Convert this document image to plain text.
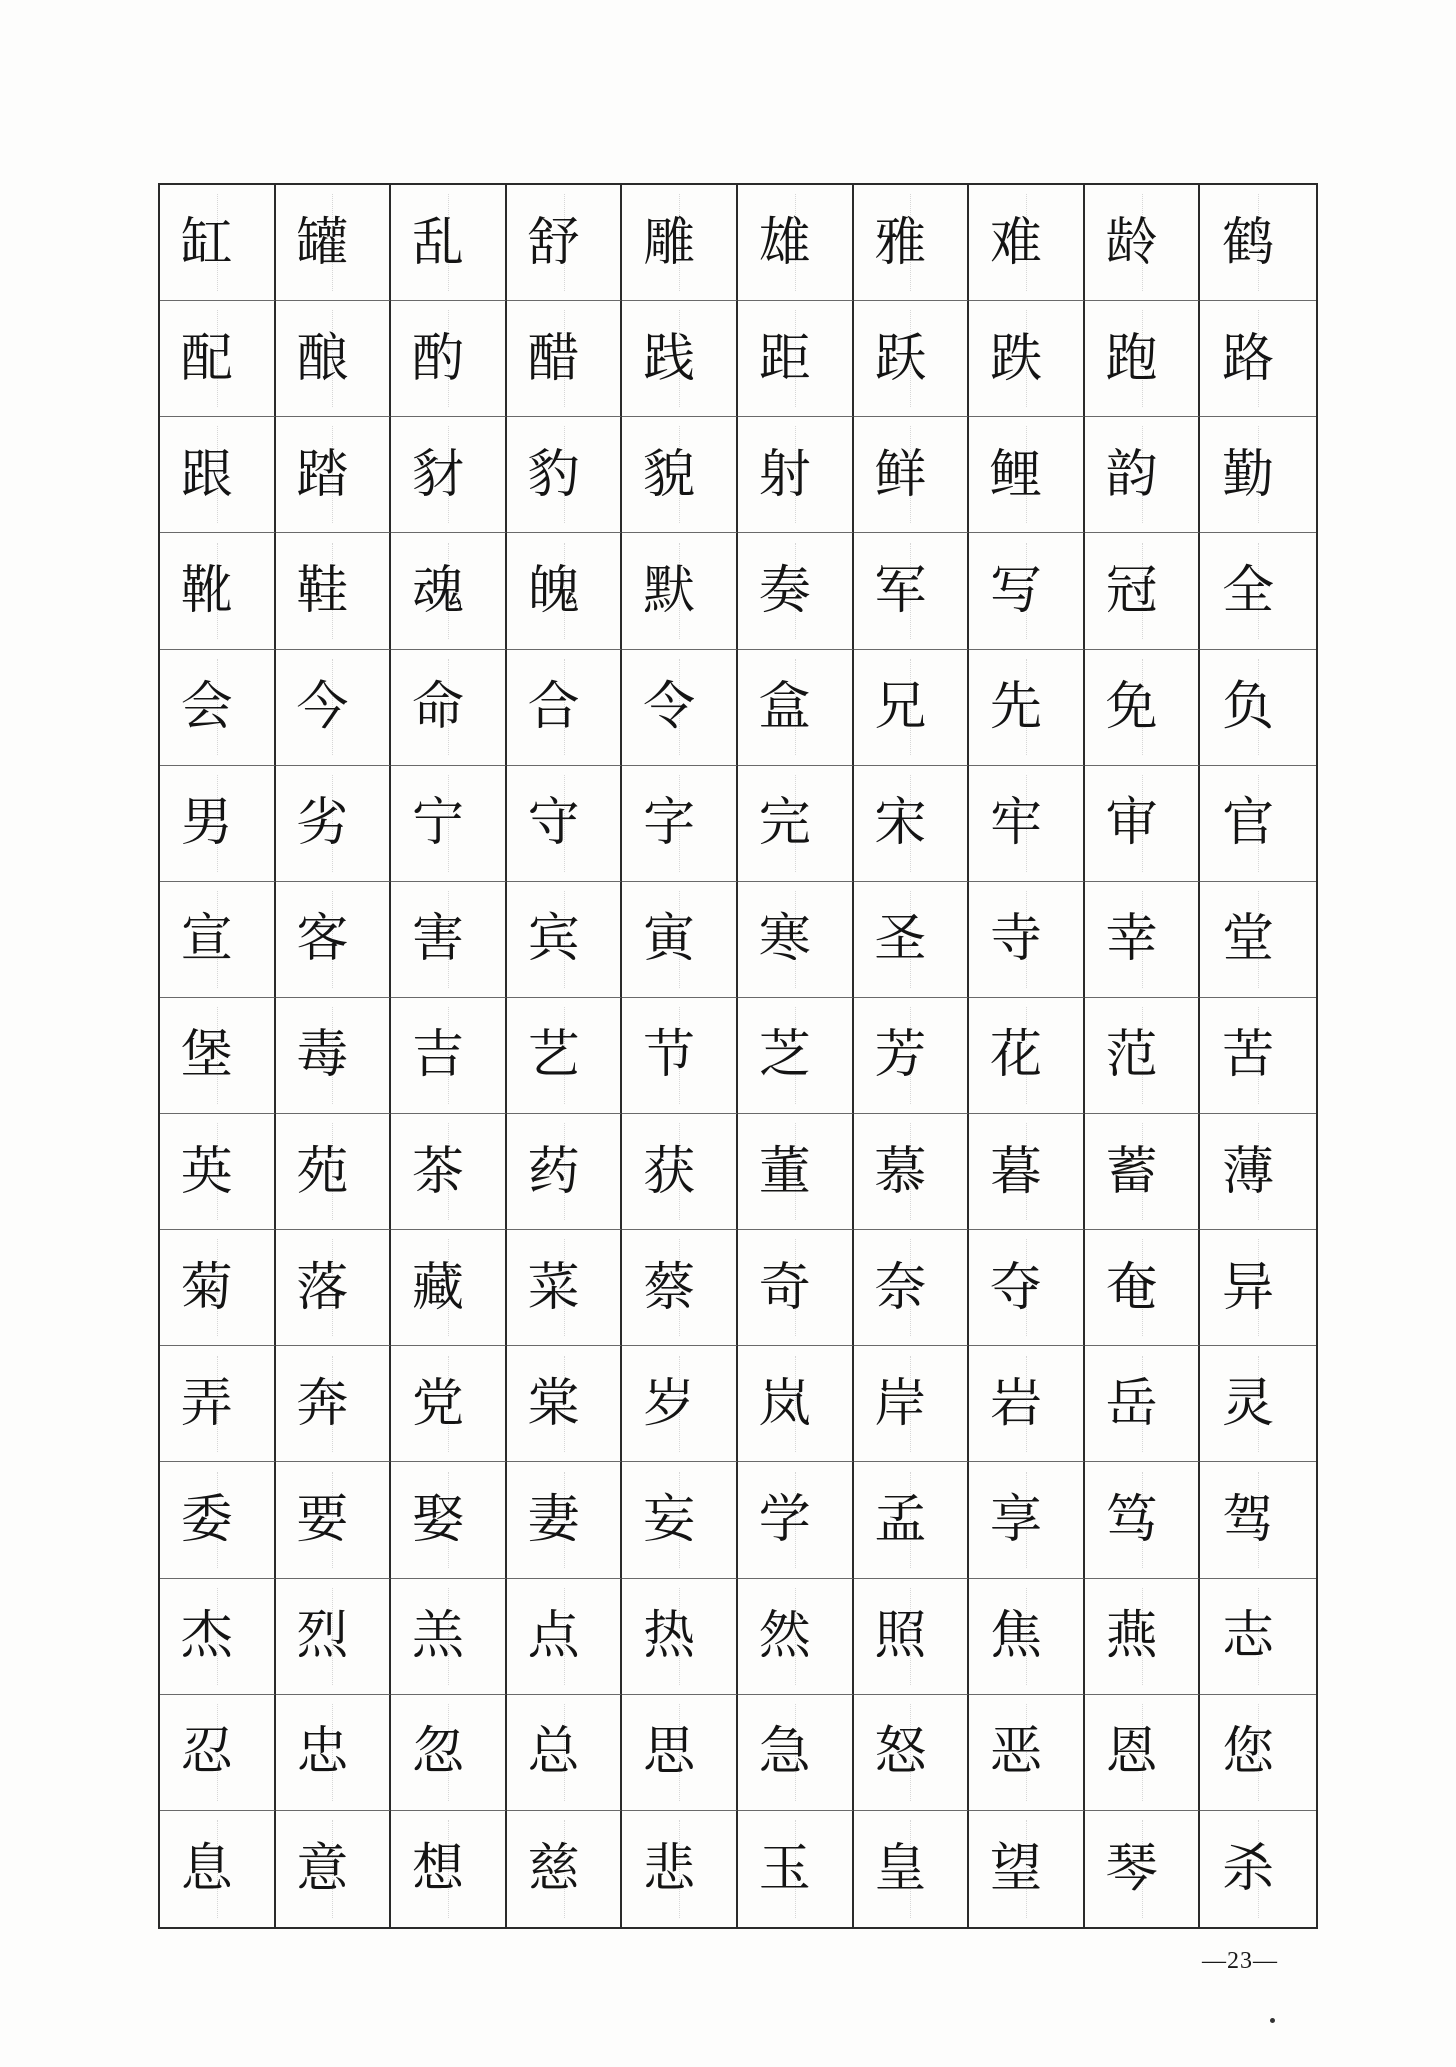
缸 罐 乱 舒 雕 雄 雅 难 龄 鹤
配 酿 酌 醋 践 距 跃 跌 跑 路
跟 踏 豺 豹 貌 射 鲜 鲤 韵 勤
靴 鞋 魂 魄 默 奏 军 写 冠 全
会 今 命 合 令 盒 兄 先 免 负
男 劣 宁 守 字 完 宋 牢 审 官
宣 客 害 宾 寅 寒 圣 寺 幸 堂
堡 毒 吉 艺 节 芝 芳 花 范 苦
英 苑 茶 药 获 董 慕 暮 蓄 薄
菊 落 藏 菜 蔡 奇 奈 夺 奄 异
弄 奔 党 棠 岁 岚 岸 岩 岳 灵
委 要 娶 妻 妄 学 孟 享 笃 驾
杰 烈 羔 点 热 然 照 焦 燕 志
忍 忠 忽 总 思 急 怒 恶 恩 您
息 意 想 慈 悲 玉 皇 望 琴 杀
—23—
